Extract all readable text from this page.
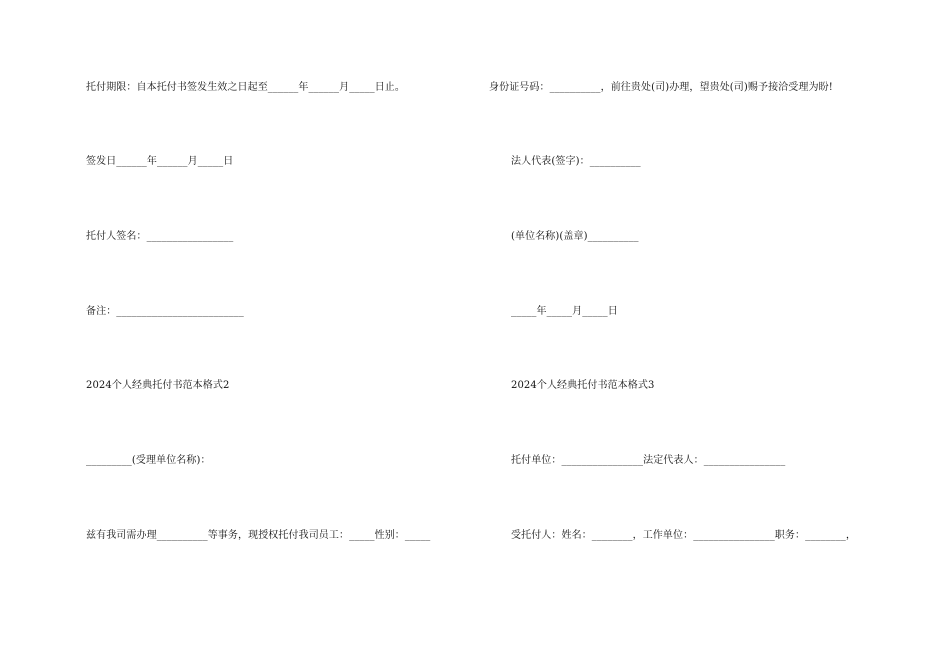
托付期限：自本托付书签发生效之日起至______年______月_____日止。
签发日______年______月_____日
托付人签名：_________________
备注：_________________________
2024个人经典托付书范本格式2
_________(受理单位名称)：
兹有我司需办理__________等事务，现授权托付我司员工：_____性别：_____
身份证号码：__________，前往贵处(司)办理，望贵处(司)赐予接洽受理为盼!
法人代表(签字)：__________
(单位名称)(盖章)__________
_____年_____月_____日
2024个人经典托付书范本格式3
托付单位：________________法定代表人：________________
受托付人：姓名：________，工作单位：________________职务：________，
